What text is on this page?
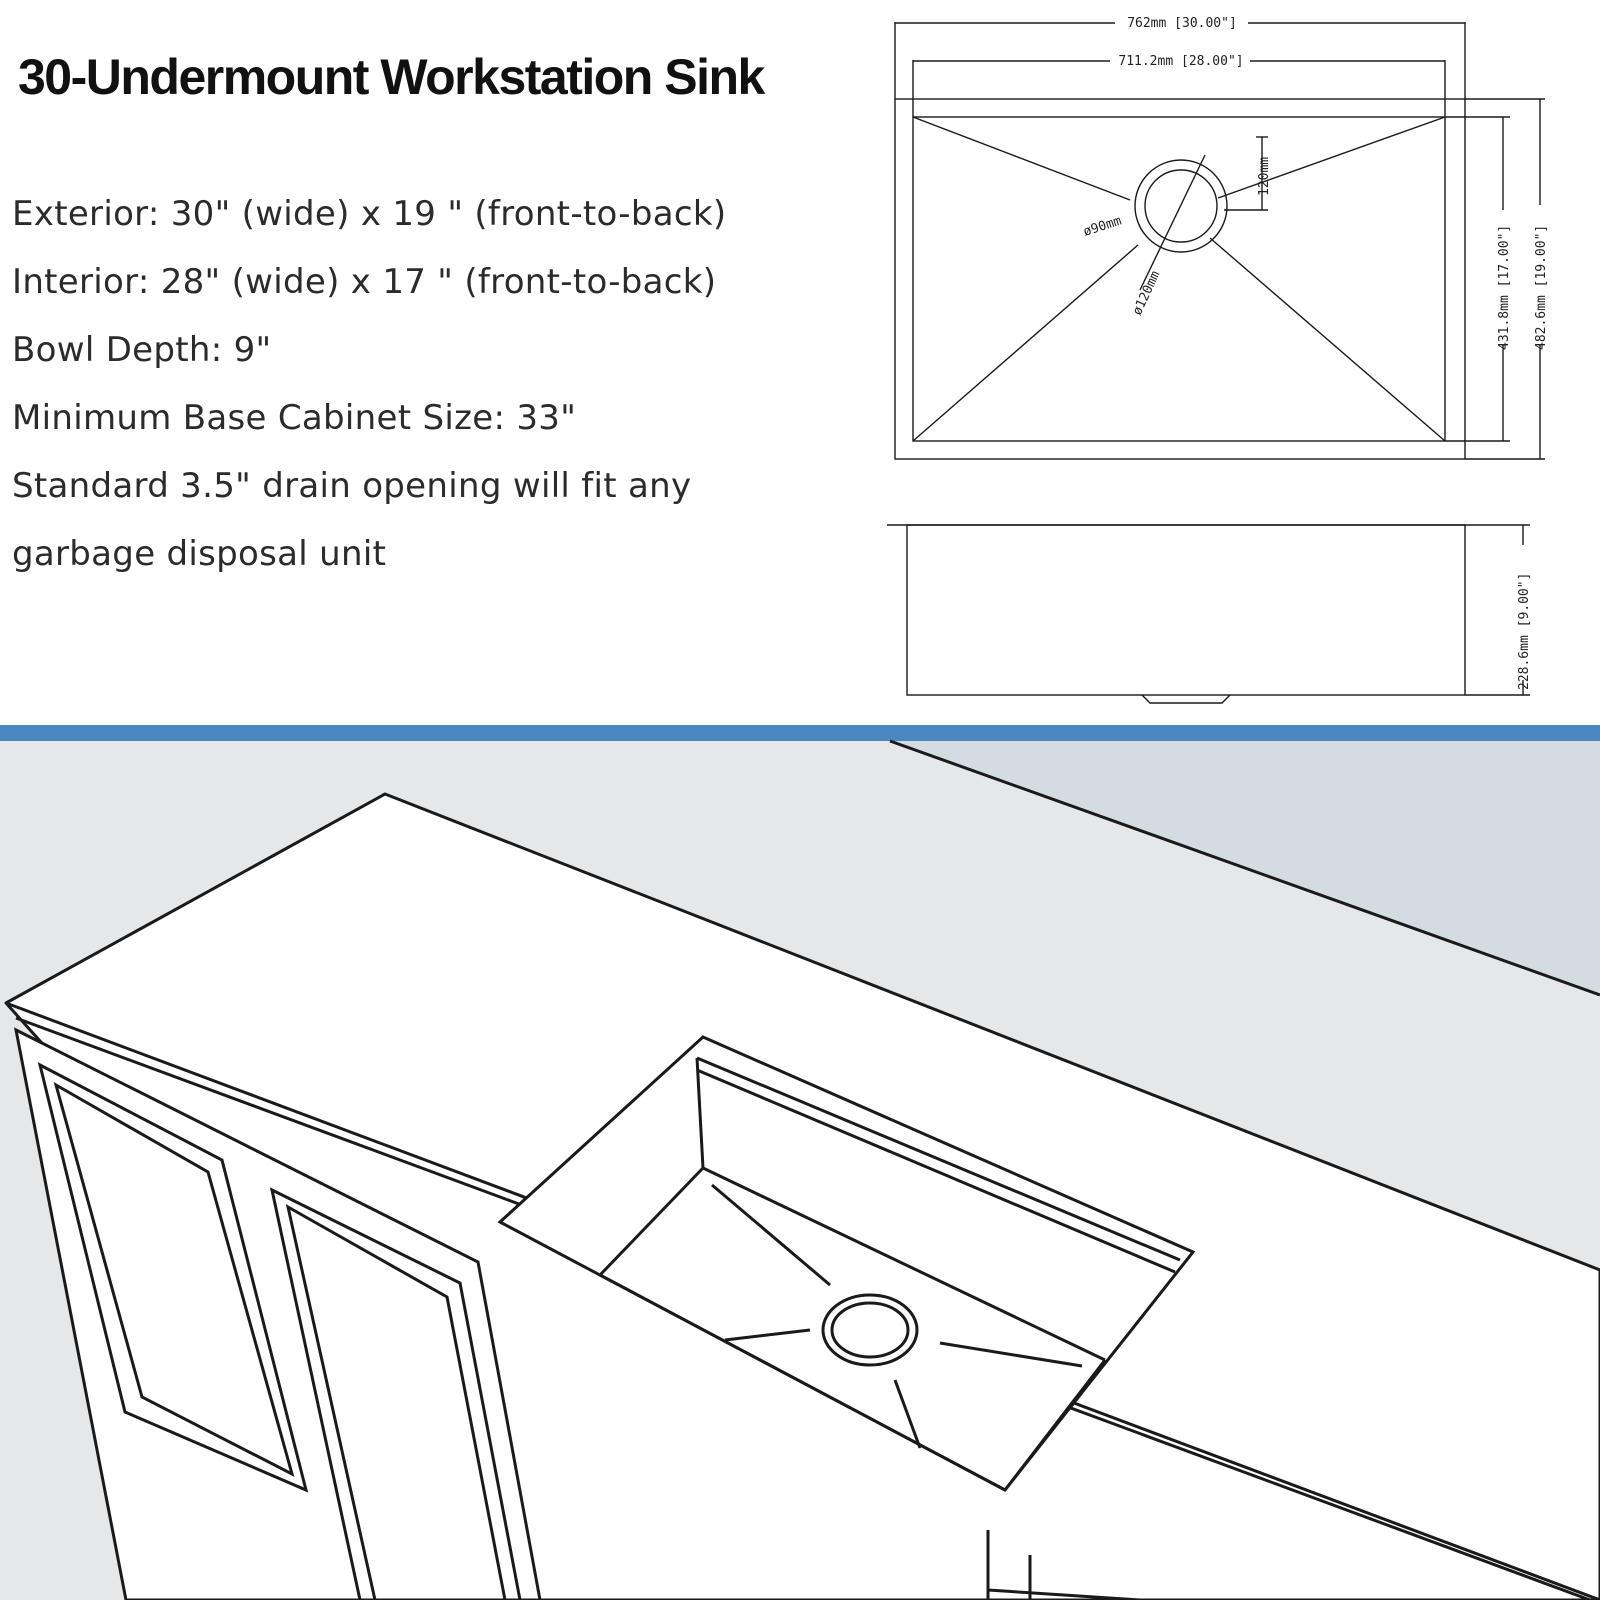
30-Undermount Workstation Sink

Exterior: 30" (wide) x 19 " (front-to-back)

Interior: 28" (wide) x 17 " (front-to-back)

Bowl Depth: 9"

Minimum Base Cabinet Size: 33"

Standard 3.5" drain opening will fit any

garbage disposal unit

762mm [30.00"]
711.2mm [28.00"]
120mm
ø90mm
ø120mm	431.8mm [17.00"] 482.6mm [19.00"]
228.6mm [9.00"]
